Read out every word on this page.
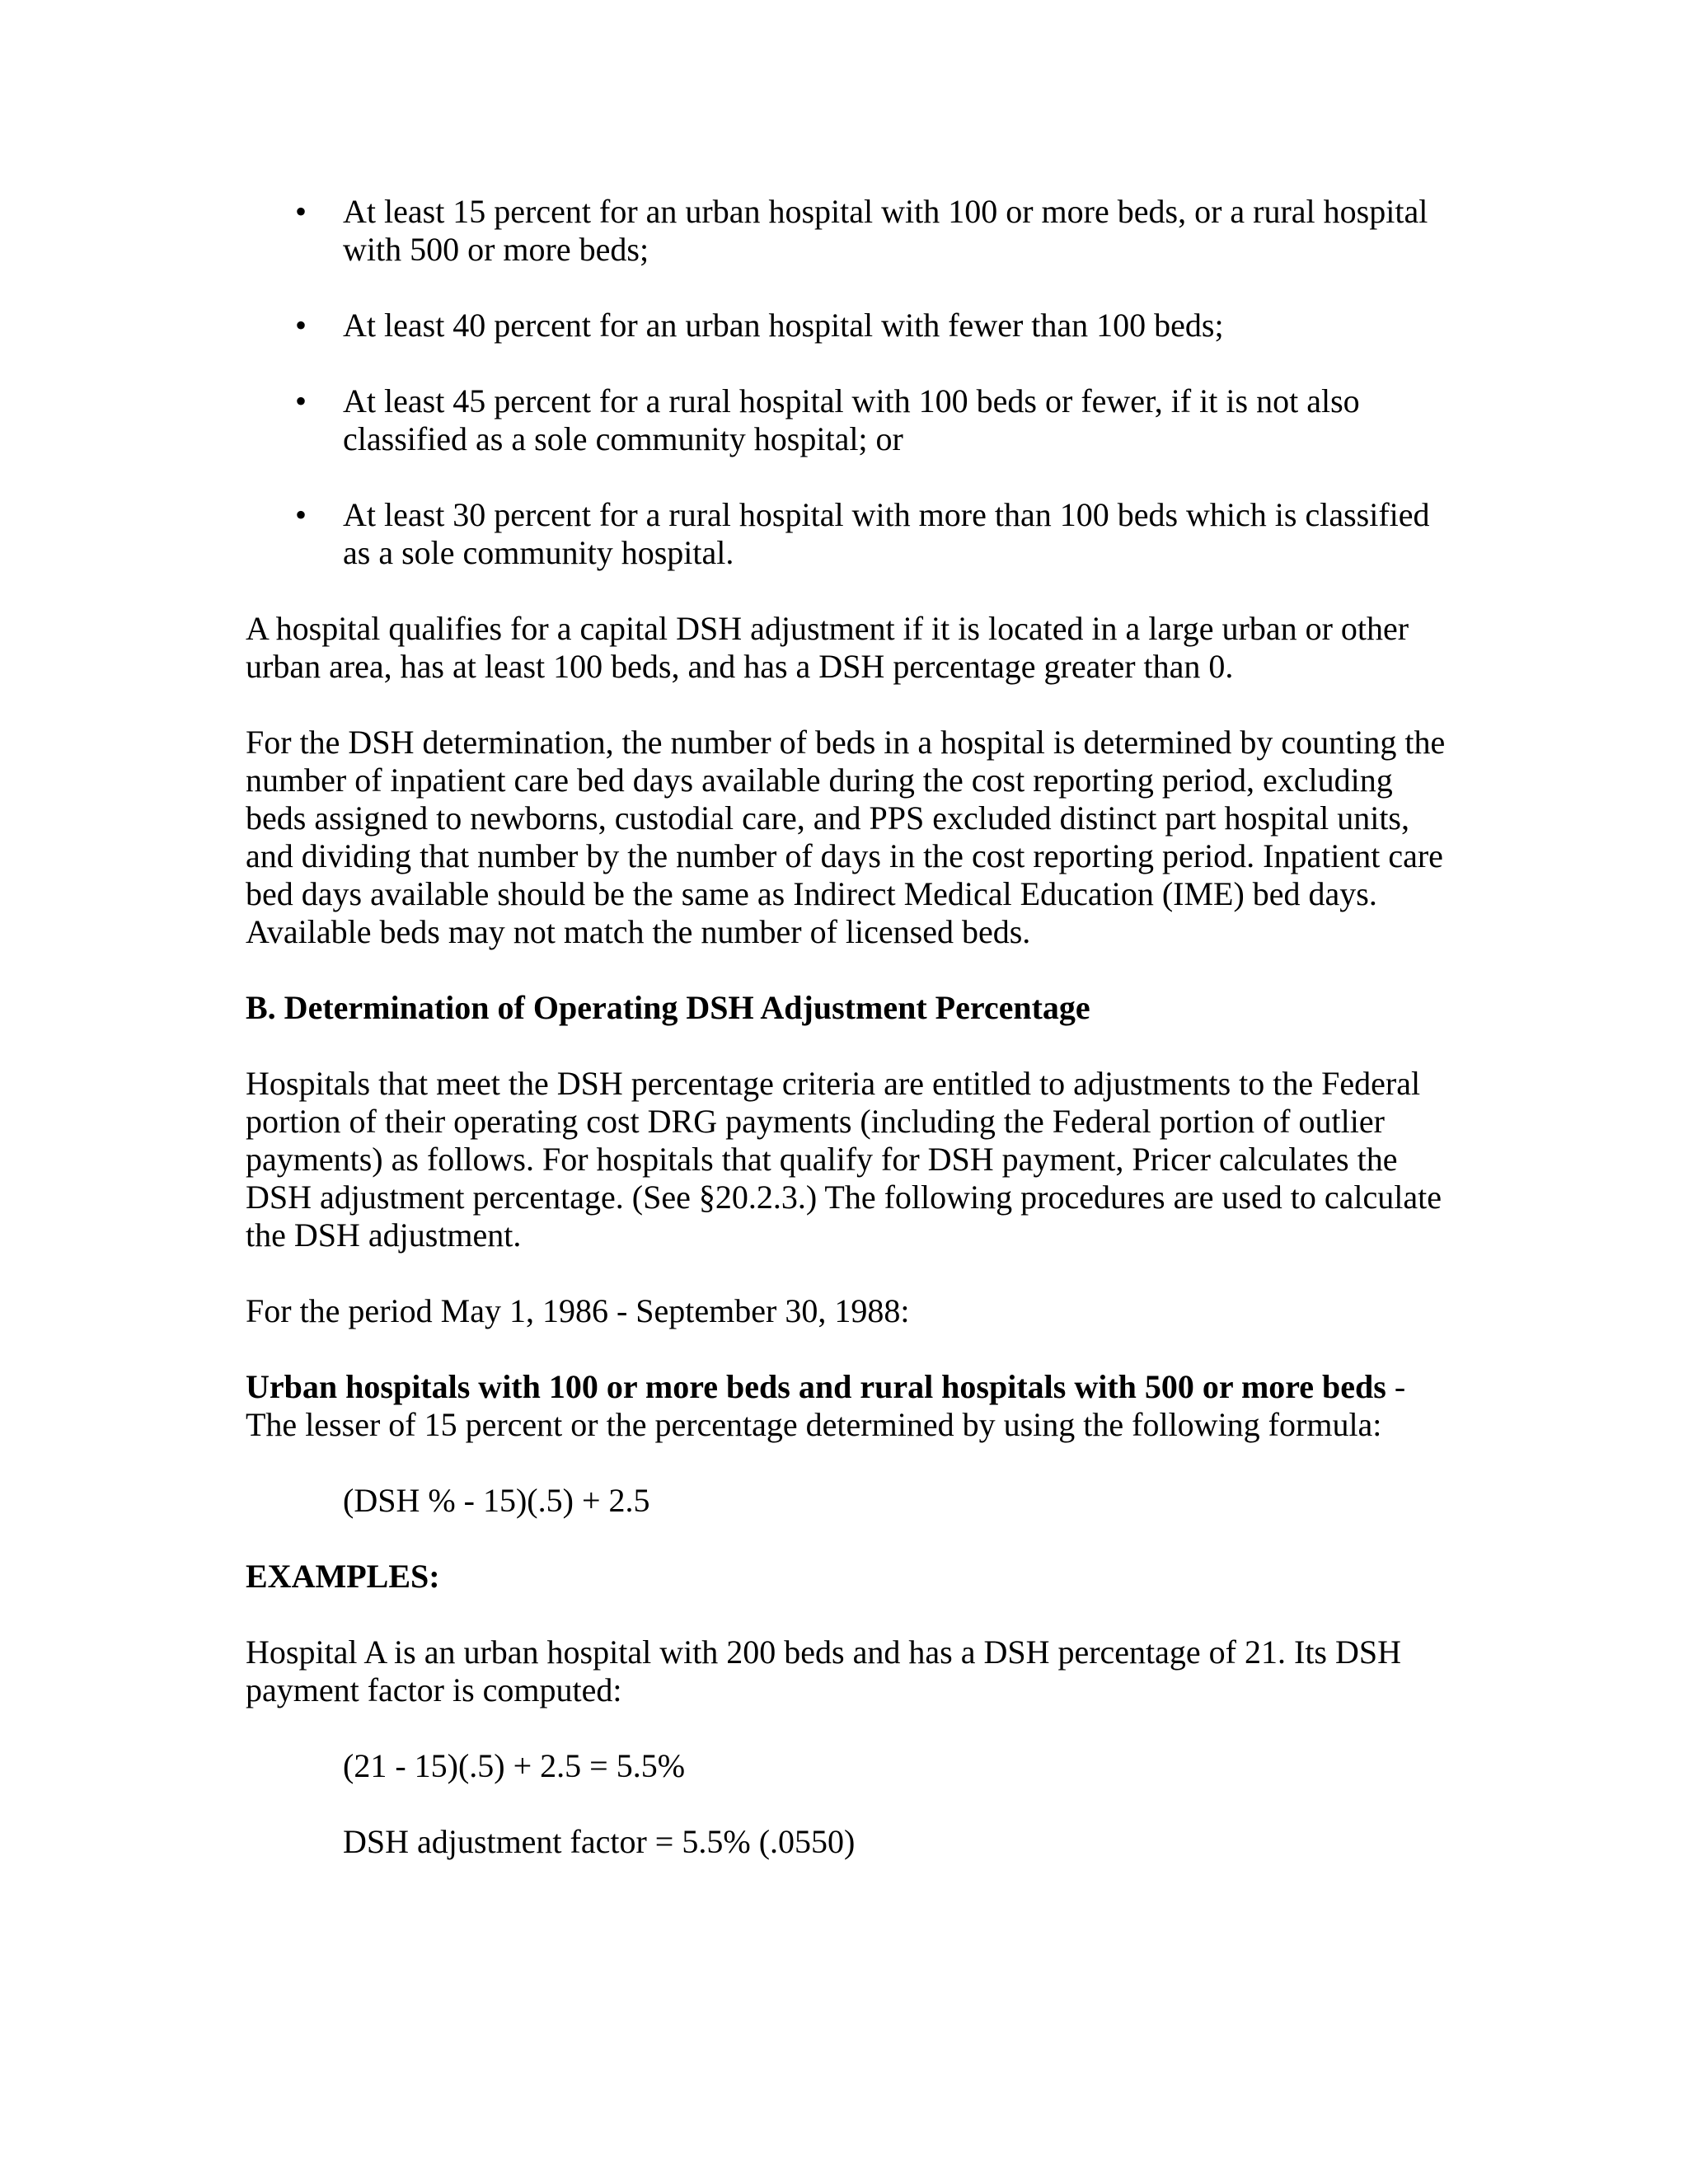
•	At least 15 percent for an urban hospital with 100 or more beds, or a rural hospital with 500 or more beds;
•	At least 40 percent for an urban hospital with fewer than 100 beds;
•	At least 45 percent for a rural hospital with 100 beds or fewer, if it is not also classified as a sole community hospital; or
•	At least 30 percent for a rural hospital with more than 100 beds which is classified as a sole community hospital.

A hospital qualifies for a capital DSH adjustment if it is located in a large urban or other urban area, has at least 100 beds, and has a DSH percentage greater than 0.

For the DSH determination, the number of beds in a hospital is determined by counting the number of inpatient care bed days available during the cost reporting period, excluding beds assigned to newborns, custodial care, and PPS excluded distinct part hospital units, and dividing that number by the number of days in the cost reporting period. Inpatient care bed days available should be the same as Indirect Medical Education (IME) bed days. Available beds may not match the number of licensed beds.

B. Determination of Operating DSH Adjustment Percentage

Hospitals that meet the DSH percentage criteria are entitled to adjustments to the Federal portion of their operating cost DRG payments (including the Federal portion of outlier payments) as follows. For hospitals that qualify for DSH payment, Pricer calculates the DSH adjustment percentage. (See §20.2.3.) The following procedures are used to calculate the DSH adjustment.

For the period May 1, 1986 - September 30, 1988:

Urban hospitals with 100 or more beds and rural hospitals with 500 or more beds - The lesser of 15 percent or the percentage determined by using the following formula:

(DSH % - 15)(.5) + 2.5

EXAMPLES:

Hospital A is an urban hospital with 200 beds and has a DSH percentage of 21. Its DSH payment factor is computed:

(21 - 15)(.5) + 2.5 = 5.5%

DSH adjustment factor = 5.5% (.0550)
